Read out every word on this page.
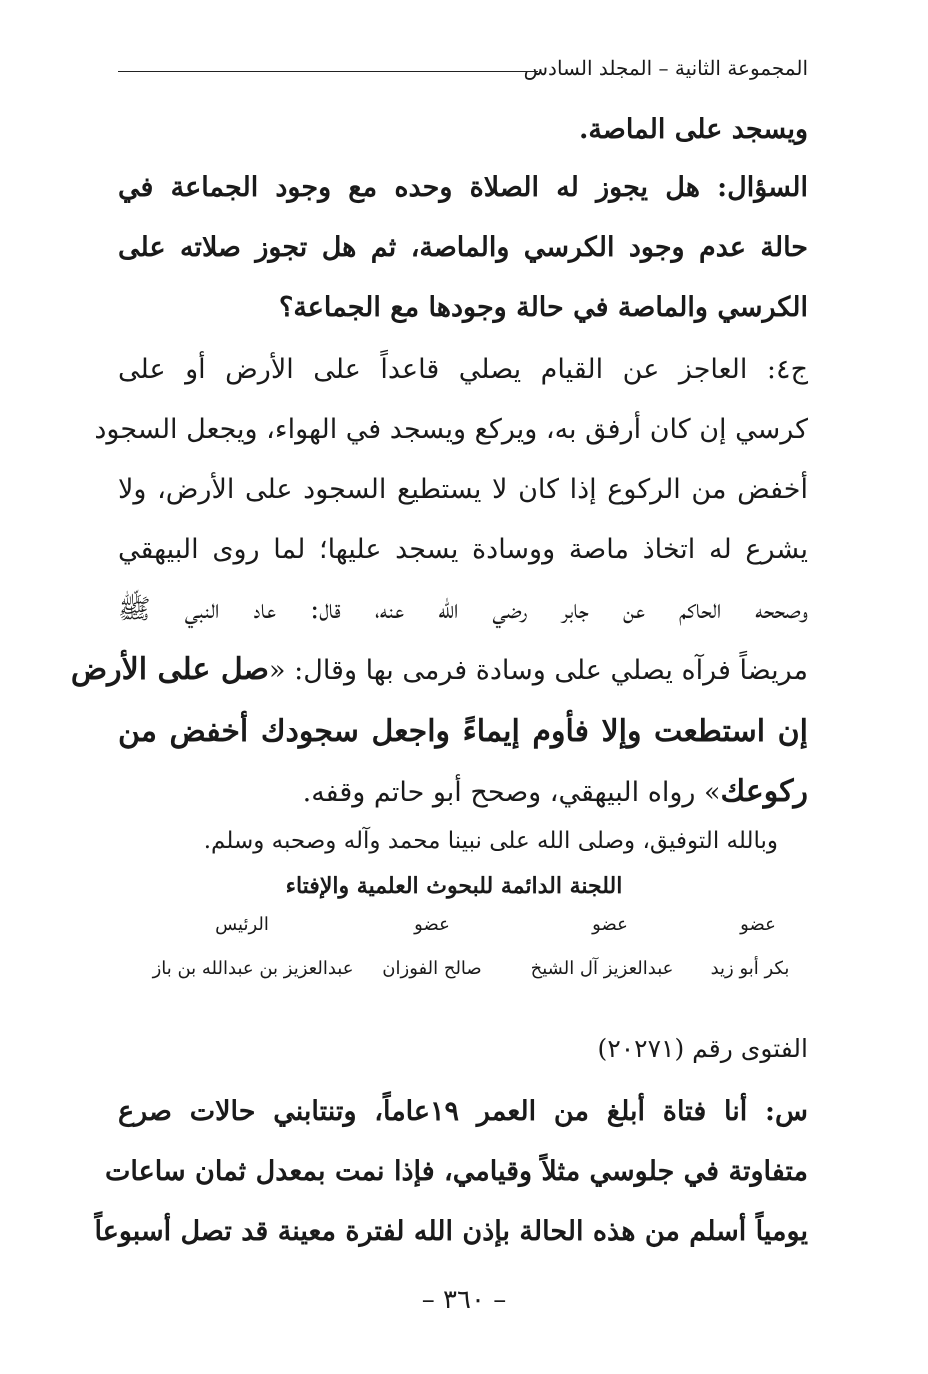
المجموعة الثانية – المجلد السادس
ويسجد على الماصة.
السؤال: هل يجوز له الصلاة وحده مع وجود الجماعة في
حالة عدم وجود الكرسي والماصة، ثم هل تجوز صلاته على
الكرسي والماصة في حالة وجودها مع الجماعة؟
ج٤: العاجز عن القيام يصلي قاعداً على الأرض أو على
كرسي إن كان أرفق به، ويركع ويسجد في الهواء، ويجعل السجود
أخفض من الركوع إذا كان لا يستطيع السجود على الأرض، ولا
يشرع له اتخاذ ماصة ووسادة يسجد عليها؛ لما روى البيهقي
وصححه الحاكم عن جابر رضي الله عنه، قال: عاد النبي ﷺ
مريضاً فرآه يصلي على وسادة فرمى بها وقال: «صل على الأرض
إن استطعت وإلا فأوم إيماءً واجعل سجودك أخفض من
ركوعك» رواه البيهقي، وصحح أبو حاتم وقفه.
وبالله التوفيق، وصلى الله على نبينا محمد وآله وصحبه وسلم.
اللجنة الدائمة للبحوث العلمية والإفتاء
عضو
عضو
عضو
الرئيس
بكر أبو زيد
عبدالعزيز آل الشيخ
صالح الفوزان
عبدالعزيز بن عبدالله بن باز
الفتوى رقم (٢٠٢٧١)
س: أنا فتاة أبلغ من العمر ١٩عاماً، وتنتابني حالات صرع
متفاوتة في جلوسي مثلاً وقيامي، فإذا نمت بمعدل ثمان ساعات
يومياً أسلم من هذه الحالة بإذن الله لفترة معينة قد تصل أسبوعاً
– ٣٦٠ –
